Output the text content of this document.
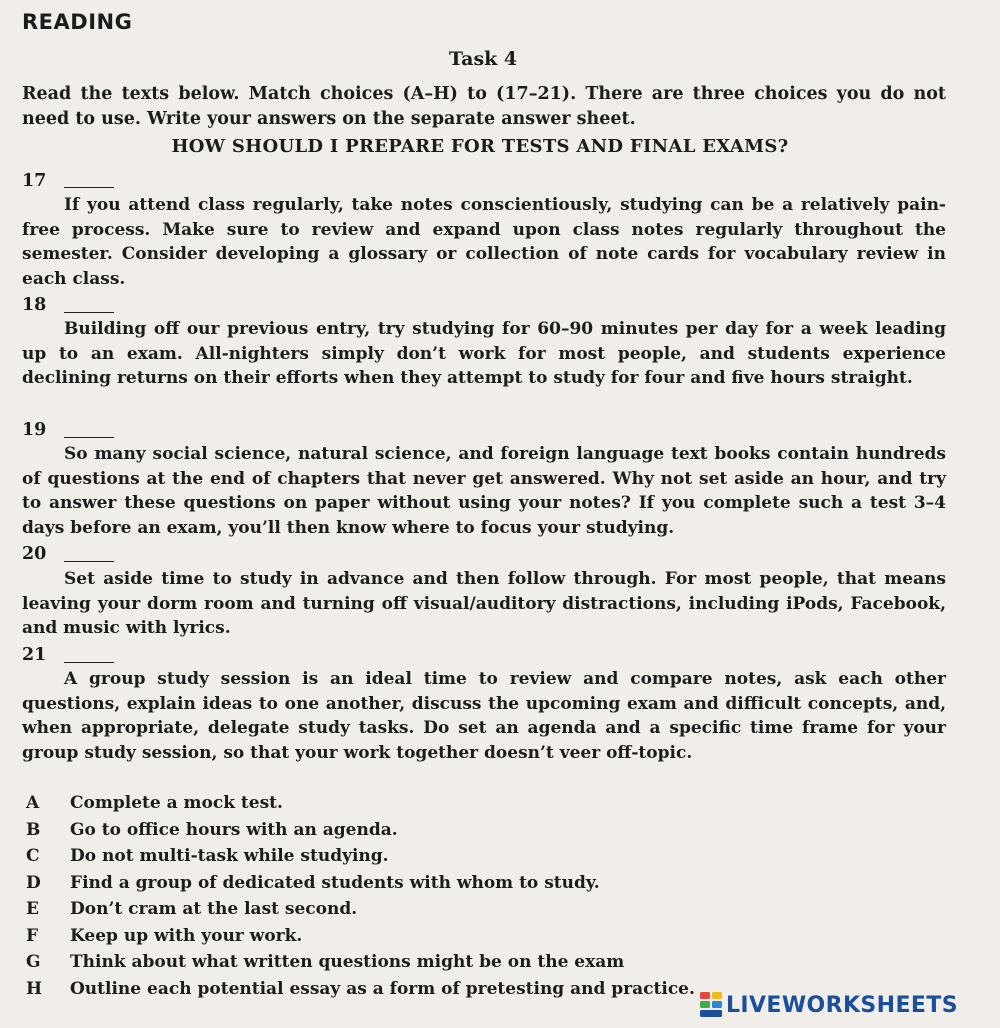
READING
Task 4
Read the texts below. Match choices (A–H) to (17–21). There are three choices you do not need to use. Write your answers on the separate answer sheet.
HOW SHOULD I PREPARE FOR TESTS AND FINAL EXAMS?
17
If you attend class regularly, take notes conscientiously, studying can be a relatively pain-free process. Make sure to review and expand upon class notes regularly throughout the semester. Consider developing a glossary or collection of note cards for vocabulary review in each class.
18
Building off our previous entry, try studying for 60–90 minutes per day for a week leading up to an exam. All-nighters simply don’t work for most people, and students experience declining returns on their efforts when they attempt to study for four and five hours straight.
19
So many social science, natural science, and foreign language text books contain hundreds of questions at the end of chapters that never get answered. Why not set aside an hour, and try to answer these questions on paper without using your notes? If you complete such a test 3–4 days before an exam, you’ll then know where to focus your studying.
20
Set aside time to study in advance and then follow through. For most people, that means leaving your dorm room and turning off visual/auditory distractions, including iPods, Facebook, and music with lyrics.
21
A group study session is an ideal time to review and compare notes, ask each other questions, explain ideas to one another, discuss the upcoming exam and difficult concepts, and, when appropriate, delegate study tasks. Do set an agenda and a specific time frame for your group study session, so that your work together doesn’t veer off-topic.
A Complete a mock test.
B Go to office hours with an agenda.
C Do not multi-task while studying.
D Find a group of dedicated students with whom to study.
E Don’t cram at the last second.
F Keep up with your work.
G Think about what written questions might be on the exam
H Outline each potential essay as a form of pretesting and practice.
LIVEWORKSHEETS
